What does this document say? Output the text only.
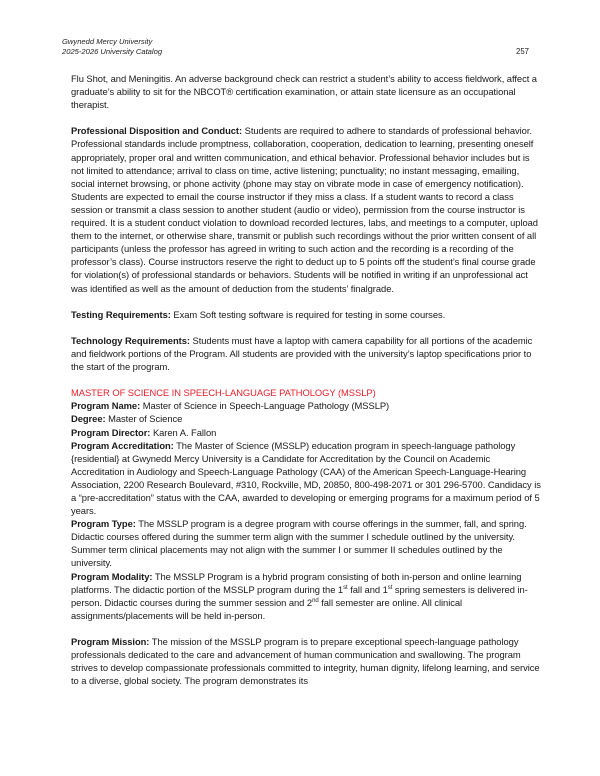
Gwynedd Mercy University
2025-2026 University Catalog	257

Flu Shot, and Meningitis. An adverse background check can restrict a student’s ability to access fieldwork, affect a graduate’s ability to sit for the NBCOT® certification examination, or attain state licensure as an occupational therapist.

Professional Disposition and Conduct: Students are required to adhere to standards of professional behavior. Professional standards include promptness, collaboration, cooperation, dedication to learning, presenting oneself appropriately, proper oral and written communication, and ethical behavior. Professional behavior includes but is not limited to attendance; arrival to class on time, active listening; punctuality; no instant messaging, emailing, social internet browsing, or phone activity (phone may stay on vibrate mode in case of emergency notification). Students are expected to email the course instructor if they miss a class. If a student wants to record a class session or transmit a class session to another student (audio or video), permission from the course instructor is required. It is a student conduct violation to download recorded lectures, labs, and meetings to a computer, upload them to the internet, or otherwise share, transmit or publish such recordings without the prior written consent of all participants (unless the professor has agreed in writing to such action and the recording is a recording of the professor’s class). Course instructors reserve the right to deduct up to 5 points off the student’s final course grade for violation(s) of professional standards or behaviors. Students will be notified in writing if an unprofessional act was identified as well as the amount of deduction from the students’ finalgrade.

Testing Requirements: Exam Soft testing software is required for testing in some courses.

Technology Requirements: Students must have a laptop with camera capability for all portions of the academic and fieldwork portions of the Program. All students are provided with the university’s laptop specifications prior to the start of the program.

MASTER OF SCIENCE IN SPEECH-LANGUAGE PATHOLOGY (MSSLP)

Program Name: Master of Science in Speech-Language Pathology (MSSLP)

Degree: Master of Science

Program Director: Karen A. Fallon

Program Accreditation: The Master of Science (MSSLP) education program in speech-language pathology {residential} at Gwynedd Mercy University is a Candidate for Accreditation by the Council on Academic Accreditation in Audiology and Speech-Language Pathology (CAA) of the American Speech-Language-Hearing Association, 2200 Research Boulevard, #310, Rockville, MD, 20850, 800-498-2071 or 301 296-5700. Candidacy is a “pre-accreditation” status with the CAA, awarded to developing or emerging programs for a maximum period of 5 years.

Program Type: The MSSLP program is a degree program with course offerings in the summer, fall, and spring. Didactic courses offered during the summer term align with the summer I schedule outlined by the university. Summer term clinical placements may not align with the summer I or summer II schedules outlined by the university.

Program Modality: The MSSLP Program is a hybrid program consisting of both in-person and online learning platforms. The didactic portion of the MSSLP program during the 1st fall and 1st spring semesters is delivered in-person. Didactic courses during the summer session and 2nd fall semester are online. All clinical assignments/placements will be held in-person.

Program Mission: The mission of the MSSLP program is to prepare exceptional speech-language pathology professionals dedicated to the care and advancement of human communication and swallowing. The program strives to develop compassionate professionals committed to integrity, human dignity, lifelong learning, and service to a diverse, global society. The program demonstrates its
